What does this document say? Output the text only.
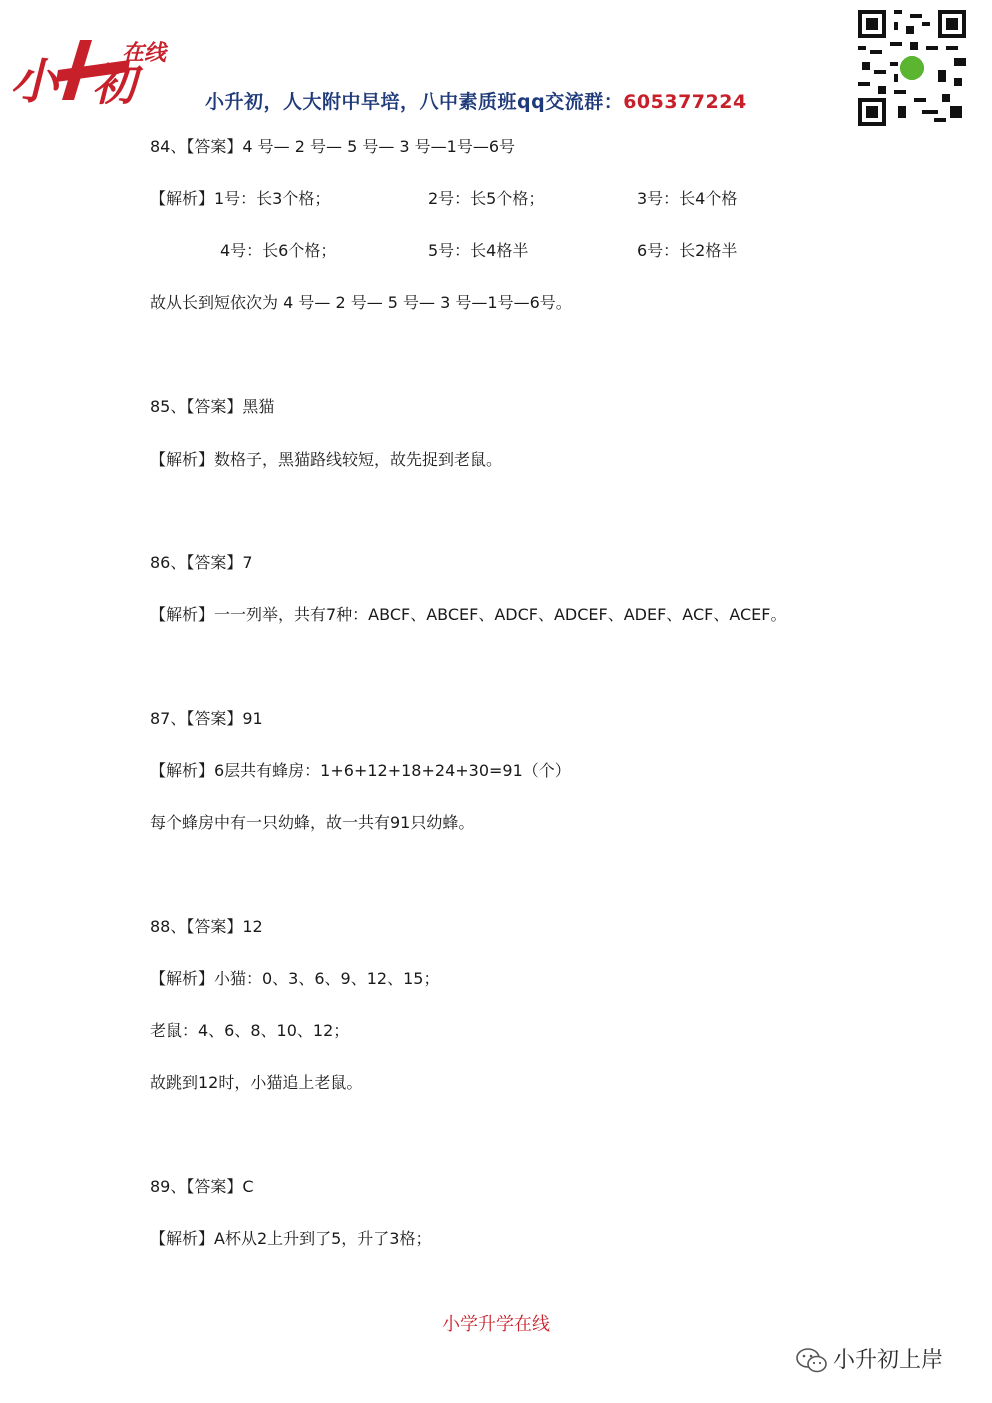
小 初
在线
小升初，人大附中早培，八中素质班qq交流群：605377224
84、【答案】4 号— 2 号— 5 号— 3 号—1号—6号
【解析】1号：长3个格；	2号：长5个格；	3号：长4个格
4号：长6个格；	5号：长4格半	6号：长2格半
故从长到短依次为 4 号— 2 号— 5 号— 3 号—1号—6号。
85、【答案】黑猫
【解析】数格子，黑猫路线较短，故先捉到老鼠。
86、【答案】7
【解析】一一列举，共有7种：ABCF、ABCEF、ADCF、ADCEF、ADEF、ACF、ACEF。
87、【答案】91
【解析】6层共有蜂房：1+6+12+18+24+30=91（个）
每个蜂房中有一只幼蜂，故一共有91只幼蜂。
88、【答案】12
【解析】小猫：0、3、6、9、12、15；
老鼠：4、6、8、10、12；
故跳到12时，小猫追上老鼠。
89、【答案】C
【解析】A杯从2上升到了5，升了3格；
小学升学在线
小升初上岸
